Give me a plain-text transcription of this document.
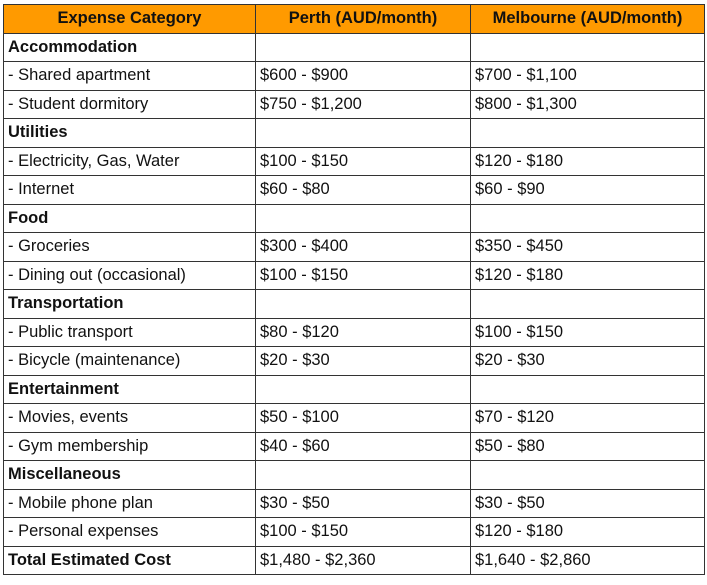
Expense Category	Perth (AUD/month)	Melbourne (AUD/month)
Accommodation		
- Shared apartment	$600 - $900	$700 - $1,100
- Student dormitory	$750 - $1,200	$800 - $1,300
Utilities		
- Electricity, Gas, Water	$100 - $150	$120 - $180
- Internet	$60 - $80	$60 - $90
Food		
- Groceries	$300 - $400	$350 - $450
- Dining out (occasional)	$100 - $150	$120 - $180
Transportation		
- Public transport	$80 - $120	$100 - $150
- Bicycle (maintenance)	$20 - $30	$20 - $30
Entertainment		
- Movies, events	$50 - $100	$70 - $120
- Gym membership	$40 - $60	$50 - $80
Miscellaneous		
- Mobile phone plan	$30 - $50	$30 - $50
- Personal expenses	$100 - $150	$120 - $180
Total Estimated Cost	$1,480 - $2,360	$1,640 - $2,860
